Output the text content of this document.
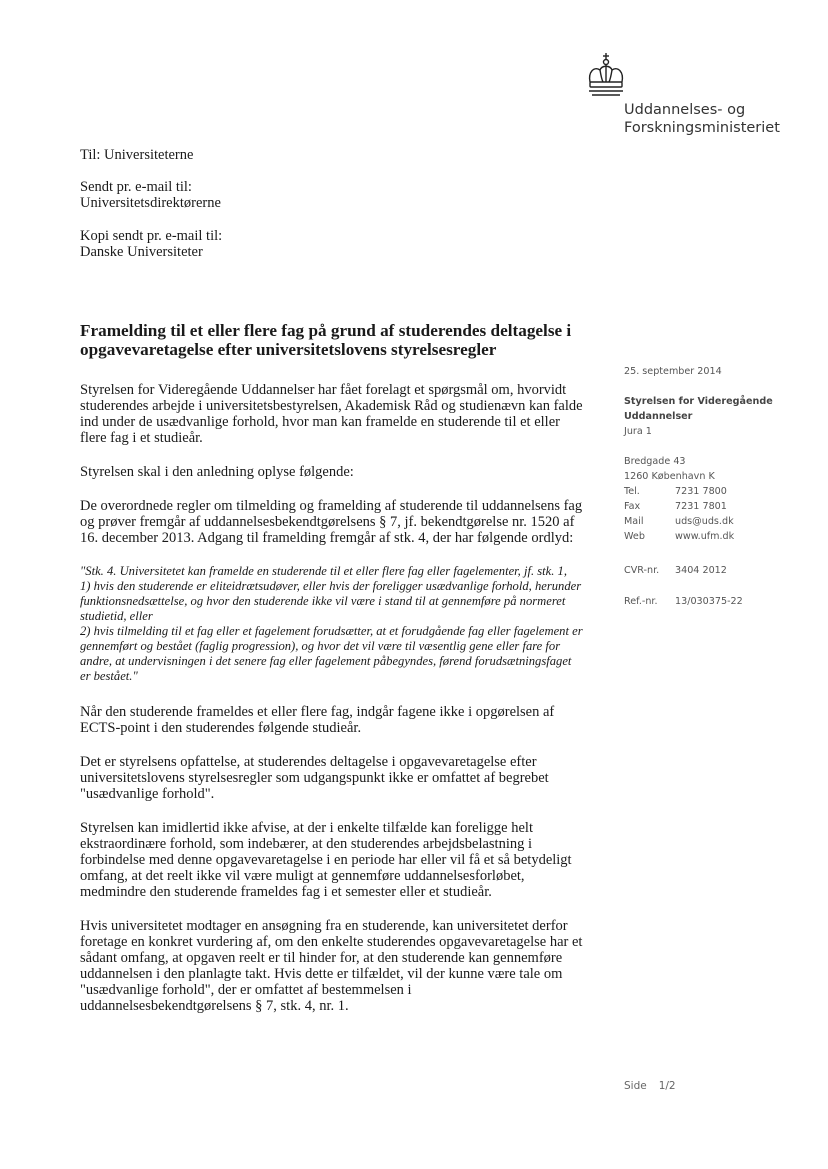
Uddannelses- og
Forskningsministeriet
Til: Universiteterne
Sendt pr. e-mail til:
Universitetsdirektørerne
Kopi sendt pr. e-mail til:
Danske Universiteter
Framelding til et eller flere fag på grund af studerendes deltagelse i opgavevaretagelse efter universitetslovens styrelsesregler

Styrelsen for Videregående Uddannelser har fået forelagt et spørgsmål om, hvorvidt studerendes arbejde i universitetsbestyrelsen, Akademisk Råd og studienævn kan falde ind under de usædvanlige forhold, hvor man kan framelde en studerende til et eller flere fag i et studieår.

Styrelsen skal i den anledning oplyse følgende:

De overordnede regler om tilmelding og framelding af studerende til uddannelsens fag og prøver fremgår af uddannelsesbekendtgørelsens § 7, jf. bekendtgørelse nr. 1520 af 16. december 2013. Adgang til framelding fremgår af stk. 4, der har følgende ordlyd:

"Stk. 4. Universitetet kan framelde en studerende til et eller flere fag eller fagelementer, jf. stk. 1,
1) hvis den studerende er eliteidrætsudøver, eller hvis der foreligger usædvanlige forhold, herunder funktionsnedsættelse, og hvor den studerende ikke vil være i stand til at gennemføre på normeret studietid, eller
2) hvis tilmelding til et fag eller et fagelement forudsætter, at et forudgående fag eller fagelement er gennemført og bestået (faglig progression), og hvor det vil være til væsentlig gene eller fare for andre, at undervisningen i det senere fag eller fagelement påbegyndes, førend forudsætningsfaget er bestået."

Når den studerende frameldes et eller flere fag, indgår fagene ikke i opgørelsen af ECTS-point i den studerendes følgende studieår.

Det er styrelsens opfattelse, at studerendes deltagelse i opgavevaretagelse efter universitetslovens styrelsesregler som udgangspunkt ikke er omfattet af begrebet "usædvanlige forhold".

Styrelsen kan imidlertid ikke afvise, at der i enkelte tilfælde kan foreligge helt ekstraordinære forhold, som indebærer, at den studerendes arbejdsbelastning i forbindelse med denne opgavevaretagelse i en periode har eller vil få et så betydeligt omfang, at det reelt ikke vil være muligt at gennemføre uddannelsesforløbet, medmindre den studerende frameldes fag i et semester eller et studieår.

Hvis universitetet modtager en ansøgning fra en studerende, kan universitetet derfor foretage en konkret vurdering af, om den enkelte studerendes opgavevaretagelse har et sådant omfang, at opgaven reelt er til hinder for, at den studerende kan gennemføre uddannelsen i den planlagte takt. Hvis dette er tilfældet, vil der kunne være tale om "usædvanlige forhold", der er omfattet af bestemmelsen i uddannelsesbekendtgørelsens § 7, stk. 4, nr. 1.

25. september 2014
Styrelsen for Videregående
Uddannelser
Jura 1
Bredgade 43
1260 København K
Tel.	7231 7800
Fax	7231 7801
Mail	uds@uds.dk
Web	www.ufm.dk
CVR-nr.	3404 2012
Ref.-nr.	13/030375-22
Side 1/2
